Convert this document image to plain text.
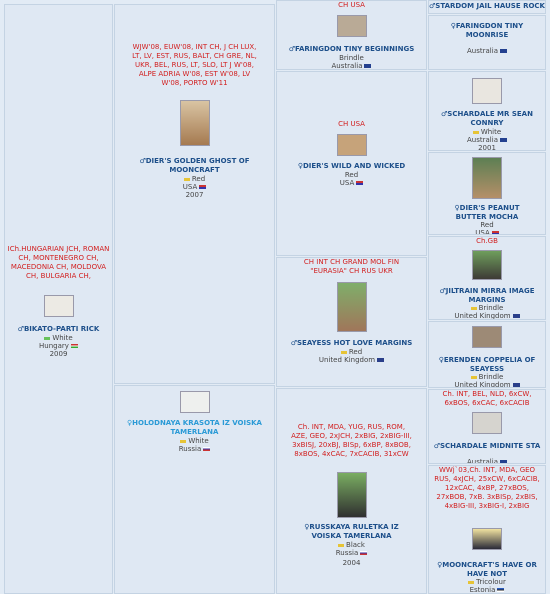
ICh.HUNGARIAN JCH, ROMAN CH, MONTENEGRO CH, MACEDONIA CH, MOLDOVA CH, BULGARIA CH,
♂BIKATO-PARTI RICK
White
Hungary
2009
WJW'08, EUW'08, INT CH, J CH LUX, LT, LV, EST, RUS, BALT, CH GRE, NL, UKR, BEL, RUS, LT, SLO, LT J W'08, ALPE ADRIA W'08, EST W'08, LV W'08, PORTO W'11
♂DIER'S GOLDEN GHOST OF MOONCRAFT
Red
USA
2007
♀HOLODNAYA KRASOTA IZ VOISKA TAMERLANA
White
Russia
CH USA
♂FARINGDON TINY BEGINNINGS
Brindle
Australia
CH USA
♀DIER'S WILD AND WICKED
Red
USA
CH INT CH GRAND MOL FIN "EURASIA" CH RUS UKR
♂SEAYESS HOT LOVE MARGINS
Red
United Kingdom
Ch. INT, MDA, YUG, RUS, ROM, AZE, GEO, 2xJCH, 2xBIG, 2xBIG-III, 3xBISJ, 20xBJ, BISp, 6xBP, 8xBOB, 8xBOS, 4xCAC, 7xCACIB, 31xCW
♀RUSSKAYA RULETKA IZ VOISKA TAMERLANA
Black
Russia
2004
♂STARDOM JAIL HAUSE ROCK
♀FARINGDON TINY MOONRISE
Australia
♂SCHARDALE MR SEAN CONNRY
White
Australia
2001
♀DIER'S PEANUT BUTTER MOCHA
Red
USA
Ch.GB
♂JILTRAIN MIRRA IMAGE MARGINS
Brindle
United Kingdom
♀ERENDEN COPPELIA OF SEAYESS
Brindle
United Kingdom
Ch. INT, BEL, NLD, 6xCW, 6xBOS, 6xCAC, 6xCACIB
♂SCHARDALE MIDNITE STA
Australia
WWj`03,Ch. INT, MDA, GEO RUS, 4xJCH, 25xCW, 6xCACIB, 12xCAC, 4xBP, 27xBOS, 27xBOB, 7xB. 3xBISp, 2xBIS, 4xBIG-III, 3xBIG-I, 2xBIG
♀MOONCRAFT'S HAVE OR HAVE NOT
Tricolour
Estonia
